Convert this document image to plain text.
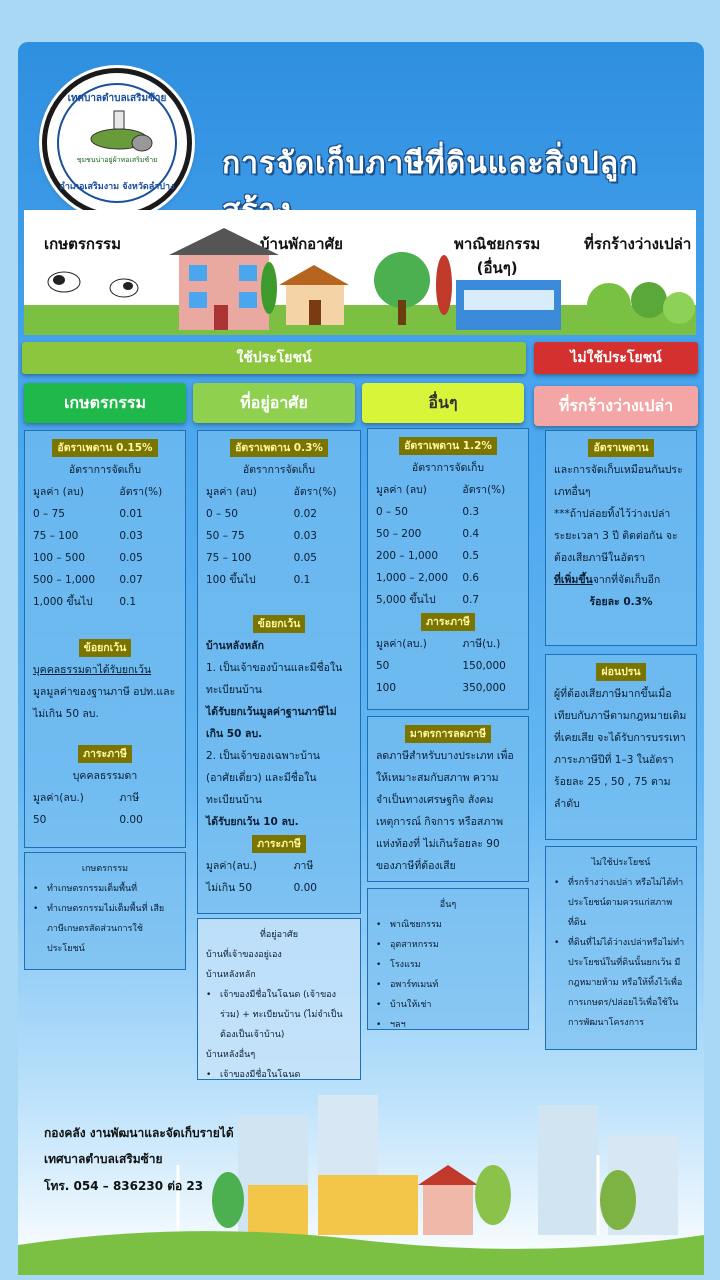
เทศบาลตำบลเสริมซ้าย
ชุมชนน่าอยู่ผ้าทอเสริมซ้าย
อำเภอเสริมงาม จังหวัดลำปาง
การจัดเก็บภาษีที่ดินและสิ่งปลูก
เกษตรกรรม	บ้านพักอาศัย	พาณิชยกรรม
(อื่นๆ)
ที่รกร้างว่างเปล่า
ใช้ประโยชน์	ไม่ใช้ประโยชน์
เกษตรกรรม	ที่อยู่อาศัย	อื่นๆ	ที่รกร้างว่างเปล่า
อัตราเพดาน 0.15%
อัตราการจัดเก็บ
มูลค่า (ลบ)	อัตรา(%)
0 – 75	0.01
75 – 100	0.03
100 – 500	0.05
500 – 1,000	0.07
1,000 ขึ้นไป	0.1
ข้อยกเว้น
บุคคลธรรมดาได้รับยกเว้น
มูลมูลค่าของฐานภาษี อปท.และไม่เกิน 50 ลบ.
ภาระภาษี
บุคคลธรรมดา
มูลค่า(ลบ.)	ภาษี
50	0.00
เกษตรกรรม
• ทำเกษตรกรรมเต็มพื้นที่
• ทำเกษตรกรรมไม่เต็มพื้นที่ เสียภาษีเกษตรสัดส่วนการใช้ประโยชน์
อัตราเพดาน 0.3%
อัตราการจัดเก็บ
มูลค่า (ลบ)	อัตรา(%)
0 – 50	0.02
50 – 75	0.03
75 – 100	0.05
100 ขึ้นไป	0.1
ข้อยกเว้น
บ้านหลังหลัก
1. เป็นเจ้าของบ้านและมีชื่อในทะเบียนบ้าน
ได้รับยกเว้นมูลค่าฐานภาษีไม่เกิน 50 ลบ.
2. เป็นเจ้าของเฉพาะบ้าน (อาศัยเดี่ยว) และมีชื่อในทะเบียนบ้าน
ได้รับยกเว้น 10 ลบ.
ภาระภาษี
มูลค่า(ลบ.)	ภาษี
ไม่เกิน 50	0.00
ที่อยู่อาศัย
บ้านที่เจ้าของอยู่เอง
บ้านหลังหลัก
• เจ้าของมีชื่อในโฉนด (เจ้าของร่วม) + ทะเบียนบ้าน (ไม่จำเป็นต้องเป็นเจ้าบ้าน)
บ้านหลังอื่นๆ
• เจ้าของมีชื่อในโฉนด
อัตราเพดาน 1.2%
อัตราการจัดเก็บ
มูลค่า (ลบ)	อัตรา(%)
0 – 50	0.3
50 – 200	0.4
200 – 1,000	0.5
1,000 – 2,000	0.6
5,000 ขึ้นไป	0.7
ภาระภาษี
มูลค่า(ลบ.)	ภาษี(บ.)
50	150,000
100	350,000
มาตรการลดภาษี
ลดภาษีสำหรับบางประเภท เพื่อให้เหมาะสมกับสภาพ ความจำเป็นทางเศรษฐกิจ สังคม เหตุการณ์ กิจการ หรือสภาพแห่งท้องที่ ไม่เกินร้อยละ 90 ของภาษีที่ต้องเสีย
อื่นๆ
• พาณิชยกรรม
• อุตสาหกรรม
• โรงแรม
• อพาร์ทเมนท์
• บ้านให้เช่า
• ฯลฯ
อัตราเพดาน
และการจัดเก็บเหมือนกันประเภทอื่นๆ
***ถ้าปล่อยทิ้งไว้ว่างเปล่าระยะเวลา 3 ปี ติดต่อกัน จะต้องเสียภาษีในอัตรา
ที่เพิ่มขึ้นจากที่จัดเก็บอีก
ร้อยละ 0.3%
ผ่อนปรน
ผู้ที่ต้องเสียภาษีมากขึ้นเมื่อเทียบกับภาษีตามกฎหมายเดิมที่เคยเสีย จะได้รับการบรรเทาภาระภาษีปีที่ 1–3 ในอัตราร้อยละ 25 , 50 , 75 ตามลำดับ
ไม่ใช้ประโยชน์
• ที่รกร้างว่างเปล่า หรือไม่ได้ทำประโยชน์ตามควรแก่สภาพที่ดิน
• ที่ดินที่ไม่ได้ว่างเปล่าหรือไม่ทำประโยชน์ในที่ดินนั้นยกเว้น มีกฎหมายห้าม หรือให้ทิ้งไว้เพื่อการเกษตร/ปล่อยไว้เพื่อใช้ในการพัฒนาโครงการ
กองคลัง งานพัฒนาและจัดเก็บรายได้
เทศบาลตำบลเสริมซ้าย
โทร. 054 – 836230 ต่อ 23
